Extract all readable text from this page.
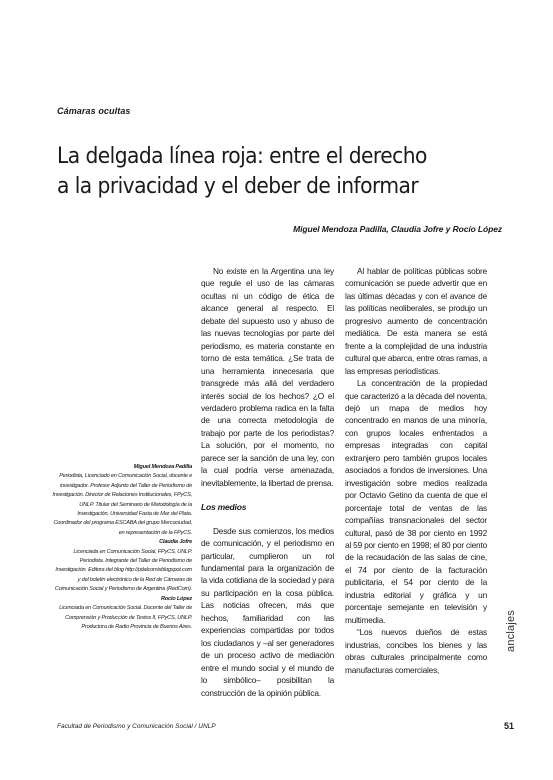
Cámaras ocultas
La delgada línea roja: entre el derecho
a la privacidad y el deber de informar
Miguel Mendoza Padilla, Claudia Jofre y Rocío López

Miguel Mendoza Padilla

Periodista, Licenciado en Comunicación Social, docente e investigador. Profesor Adjunto del Taller de Periodismo de Investigación. Director de Relaciones Institucionales, FPyCS, UNLP. Titular del Seminario de Metodología de la Investigación, Universidad Fasta de Mar del Plata. Coordinador del programa ESCABA del grupo Mercociudad, en representación de la FPyCS.

Claudia Jofre

Licenciada en Comunicación Social, FPyCS, UNLP. Periodista. Integrante del Taller de Periodismo de Investigación. Editora del blog http://pdalcomisblogspot.com y del boletín electrónico de la Red de Cámaras de Comunicación Social y Periodismo de Argentina (RedCom).

Rocío López

Licenciada en Comunicación Social. Docente del Taller de Comprensión y Producción de Textos II, FPyCS, UNLP. Productora de Radio Provincia de Buenos Aires.

No existe en la Argentina una ley que regule el uso de las cámaras ocultas ni un código de ética de alcance general al respecto. El debate del supuesto uso y abuso de las nuevas tecnologías por parte del periodismo, es materia constante en torno de esta temática. ¿Se trata de una herramienta innecesaria que transgrede más allá del verdadero interés social de los hechos? ¿O el verdadero problema radica en la falta de una correcta metodología de trabajo por parte de los periodistas? La solución, por el momento, no parece ser la sanción de una ley, con la cual podría verse amenazada, inevitablemente, la libertad de prensa.

Los medios

Desde sus comienzos, los medios de comunicación, y el periodismo en particular, cumplieron un rol fundamental para la organización de la vida cotidiana de la sociedad y para su participación en la cosa pública. Las noticias ofrecen, más que hechos, familiaridad con las experiencias compartidas por todos los ciudadanos y –al ser generadores de un proceso activo de mediación entre el mundo social y el mundo de lo simbólico– posibilitan la construcción de la opinión pública.

Al hablar de políticas públicas sobre comunicación se puede advertir que en las últimas décadas y con el avance de las políticas neoliberales, se produjo un progresivo aumento de concentración mediática. De esta manera se está frente a la complejidad de una industria cultural que abarca, entre otras ramas, a las empresas periodísticas.

La concentración de la propiedad que caracterizó a la década del noventa, dejó un mapa de medios hoy concentrado en manos de una minoría, con grupos locales enfrentados a empresas integradas con capital extranjero pero también grupos locales asociados a fondos de inversiones. Una investigación sobre medios realizada por Octavio Getino da cuenta de que el porcentaje total de ventas de las compañías transnacionales del sector cultural, pasó de 38 por ciento en 1992 al 59 por ciento en 1998; el 80 por ciento de la recaudación de las salas de cine, el 74 por ciento de la facturación publicitaria, el 54 por ciento de la industria editorial y gráfica y un porcentaje semejante en televisión y multimedia.

“Los nuevos dueños de estas industrias, concibes los bienes y las obras culturales principalmente como manufacturas comerciales,

anclajes
Facultad de Periodismo y Comunicación Social / UNLP	51
